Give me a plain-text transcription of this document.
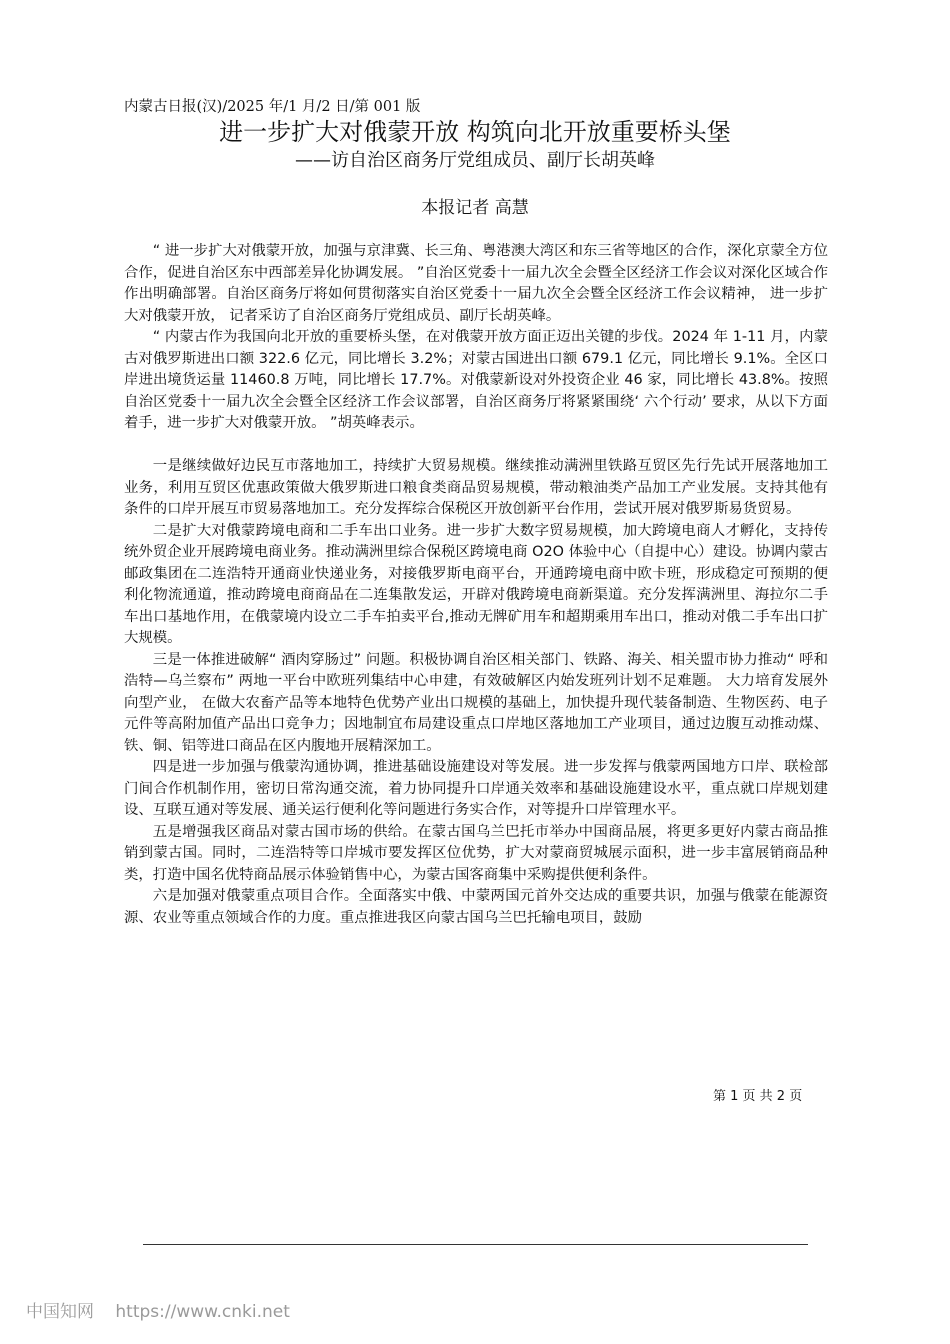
内蒙古日报(汉)/2025 年/1 月/2 日/第 001 版
进一步扩大对俄蒙开放 构筑向北开放重要桥头堡
——访自治区商务厅党组成员、副厅长胡英峰
本报记者 高慧

“ 进一步扩大对俄蒙开放，加强与京津冀、长三角、粤港澳大湾区和东三省等地区的合作，深化京蒙全方位合作，促进自治区东中西部差异化协调发展。 ”自治区党委十一届九次全会暨全区经济工作会议对深化区域合作作出明确部署。自治区商务厅将如何贯彻落实自治区党委十一届九次全会暨全区经济工作会议精神， 进一步扩大对俄蒙开放， 记者采访了自治区商务厅党组成员、副厅长胡英峰。

“ 内蒙古作为我国向北开放的重要桥头堡，在对俄蒙开放方面正迈出关键的步伐。2024 年 1-11 月，内蒙古对俄罗斯进出口额 322.6 亿元，同比增长 3.2%；对蒙古国进出口额 679.1 亿元，同比增长 9.1%。全区口岸进出境货运量 11460.8 万吨，同比增长 17.7%。对俄蒙新设对外投资企业 46 家，同比增长 43.8%。按照自治区党委十一届九次全会暨全区经济工作会议部署，自治区商务厅将紧紧围绕‘ 六个行动’ 要求，从以下方面着手，进一步扩大对俄蒙开放。 ”胡英峰表示。

一是继续做好边民互市落地加工，持续扩大贸易规模。继续推动满洲里铁路互贸区先行先试开展落地加工业务，利用互贸区优惠政策做大俄罗斯进口粮食类商品贸易规模，带动粮油类产品加工产业发展。支持其他有条件的口岸开展互市贸易落地加工。充分发挥综合保税区开放创新平台作用，尝试开展对俄罗斯易货贸易。

二是扩大对俄蒙跨境电商和二手车出口业务。进一步扩大数字贸易规模，加大跨境电商人才孵化，支持传统外贸企业开展跨境电商业务。推动满洲里综合保税区跨境电商 O2O 体验中心（自提中心）建设。协调内蒙古邮政集团在二连浩特开通商业快递业务，对接俄罗斯电商平台，开通跨境电商中欧卡班，形成稳定可预期的便利化物流通道，推动跨境电商商品在二连集散发运，开辟对俄跨境电商新渠道。充分发挥满洲里、海拉尔二手车出口基地作用，在俄蒙境内设立二手车拍卖平台,推动无牌矿用车和超期乘用车出口，推动对俄二手车出口扩大规模。

三是一体推进破解“ 酒肉穿肠过” 问题。积极协调自治区相关部门、铁路、海关、相关盟市协力推动“ 呼和浩特—乌兰察布” 两地一平台中欧班列集结中心申建，有效破解区内始发班列计划不足难题。 大力培育发展外向型产业， 在做大农畜产品等本地特色优势产业出口规模的基础上，加快提升现代装备制造、生物医药、电子元件等高附加值产品出口竞争力；因地制宜布局建设重点口岸地区落地加工产业项目，通过边腹互动推动煤、铁、铜、铝等进口商品在区内腹地开展精深加工。

四是进一步加强与俄蒙沟通协调，推进基础设施建设对等发展。进一步发挥与俄蒙两国地方口岸、联检部门间合作机制作用，密切日常沟通交流，着力协同提升口岸通关效率和基础设施建设水平，重点就口岸规划建设、互联互通对等发展、通关运行便利化等问题进行务实合作，对等提升口岸管理水平。

五是增强我区商品对蒙古国市场的供给。在蒙古国乌兰巴托市举办中国商品展，将更多更好内蒙古商品推销到蒙古国。同时，二连浩特等口岸城市要发挥区位优势，扩大对蒙商贸城展示面积，进一步丰富展销商品种类，打造中国名优特商品展示体验销售中心，为蒙古国客商集中采购提供便利条件。

六是加强对俄蒙重点项目合作。全面落实中俄、中蒙两国元首外交达成的重要共识，加强与俄蒙在能源资源、农业等重点领域合作的力度。重点推进我区向蒙古国乌兰巴托输电项目，鼓励

第 1 页 共 2 页
中国知网 https://www.cnki.net
